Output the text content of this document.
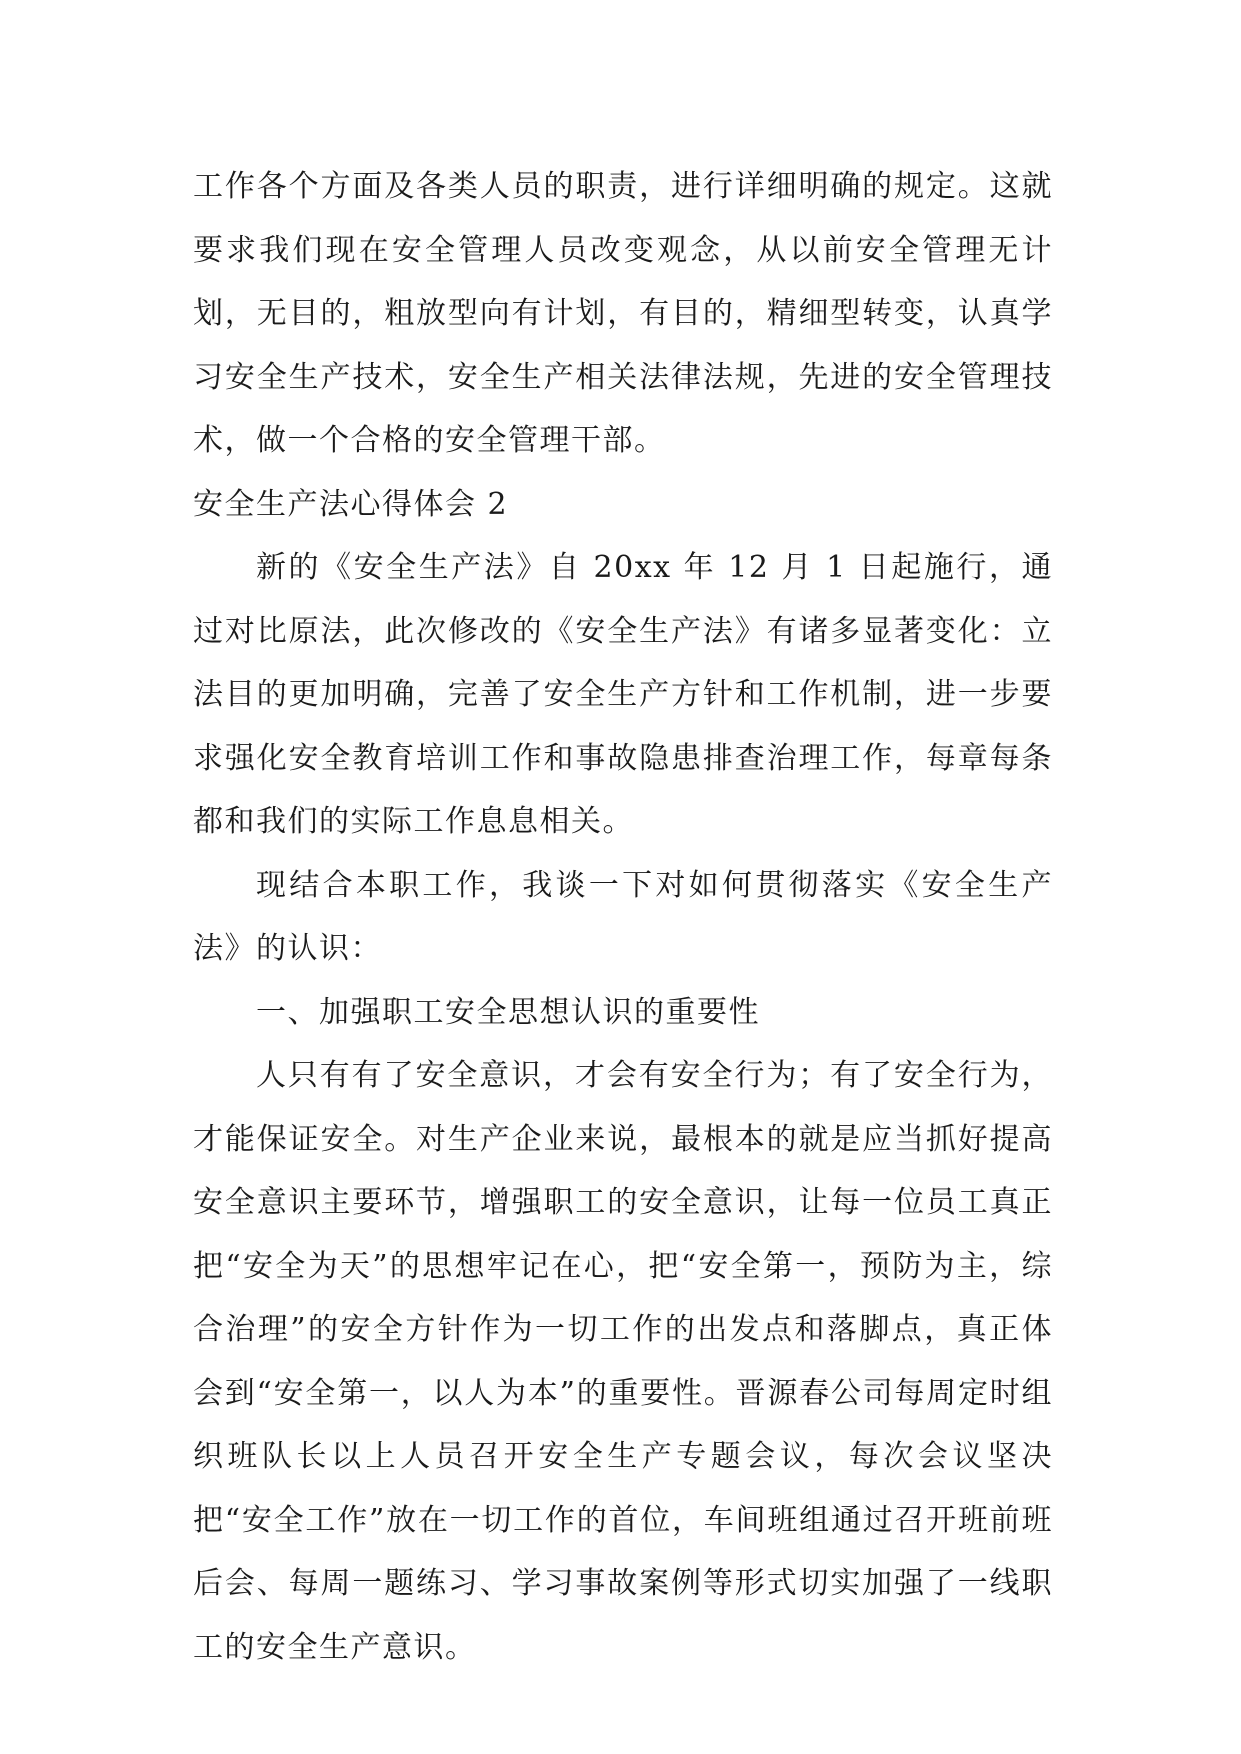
工作各个方面及各类人员的职责，进行详细明确的规定。这就要求我们现在安全管理人员改变观念，从以前安全管理无计划，无目的，粗放型向有计划，有目的，精细型转变，认真学习安全生产技术，安全生产相关法律法规，先进的安全管理技术，做一个合格的安全管理干部。

安全生产法心得体会 2

新的《安全生产法》自 20xx 年 12 月 1 日起施行，通过对比原法，此次修改的《安全生产法》有诸多显著变化：立法目的更加明确，完善了安全生产方针和工作机制，进一步要求强化安全教育培训工作和事故隐患排查治理工作，每章每条都和我们的实际工作息息相关。

现结合本职工作，我谈一下对如何贯彻落实《安全生产法》的认识：

一、加强职工安全思想认识的重要性

人只有有了安全意识，才会有安全行为；有了安全行为，才能保证安全。对生产企业来说，最根本的就是应当抓好提高安全意识主要环节，增强职工的安全意识，让每一位员工真正把“安全为天”的思想牢记在心，把“安全第一，预防为主，综合治理”的安全方针作为一切工作的出发点和落脚点，真正体会到“安全第一，以人为本”的重要性。晋源春公司每周定时组织班队长以上人员召开安全生产专题会议，每次会议坚决把“安全工作”放在一切工作的首位，车间班组通过召开班前班后会、每周一题练习、学习事故案例等形式切实加强了一线职工的安全生产意识。
